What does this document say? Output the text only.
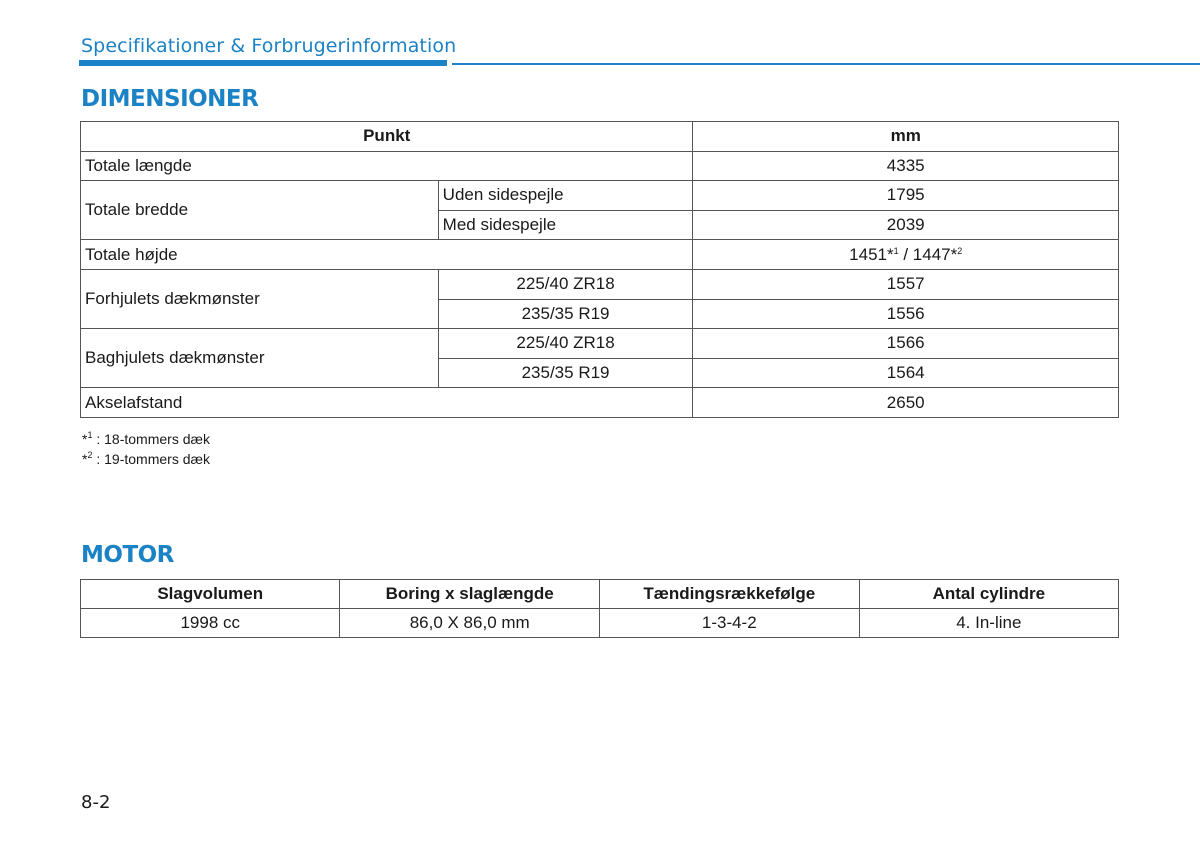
Specifikationer & Forbrugerinformation
DIMENSIONER
Punkt		mm
Totale længde		4335
Totale bredde	Uden sidespejle	1795
	Med sidespejle	2039
Totale højde		1451*$^1$ / 1447*$^2$
Forhjulets dækmønster	225/40 ZR18	1557
	235/35 R19	1556
Baghjulets dækmønster	225/40 ZR18	1566
	235/35 R19	1564
Akselafstand		2650
*$^1$ : 18-tommers dæk
*$^2$ : 19-tommers dæk
MOTOR
Slagvolumen	Boring x slaglængde	Tændingsrækkefølge	Antal cylindre
1998 cc	86,0 X 86,0 mm	1-3-4-2	4. In-line
8-2
